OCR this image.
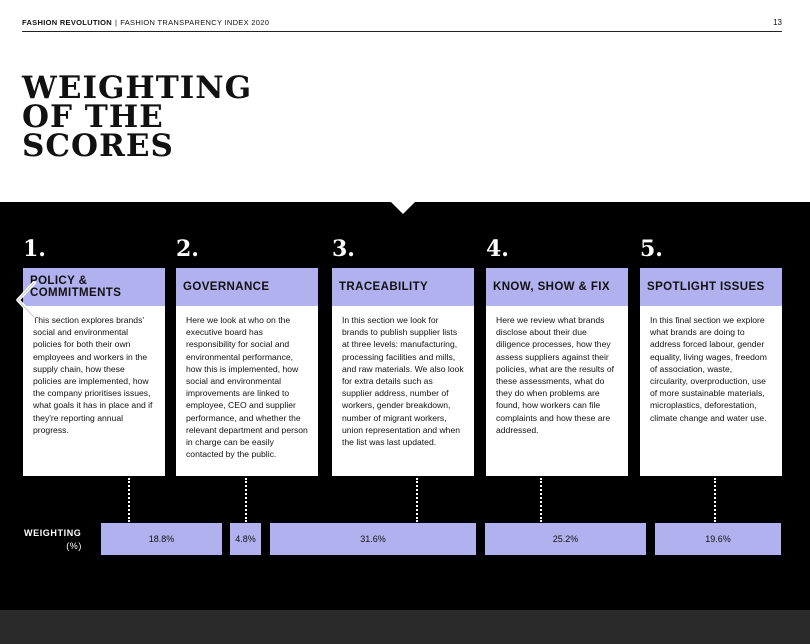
FASHION REVOLUTION | FASHION TRANSPARENCY INDEX 2020	13
WEIGHTING
OF THE
SCORES
1.
POLICY & COMMITMENTS
This section explores brands' social and environmental policies for both their own employees and workers in the supply chain, how these policies are implemented, how the company prioritises issues, what goals it has in place and if they're reporting annual progress.
2.
GOVERNANCE
Here we look at who on the executive board has responsibility for social and environmental performance, how this is implemented, how social and environmental improvements are linked to employee, CEO and supplier performance, and whether the relevant department and person in charge can be easily contacted by the public.
3.
TRACEABILITY
In this section we look for brands to publish supplier lists at three levels: manufacturing, processing facilities and mills, and raw materials. We also look for extra details such as supplier address, number of workers, gender breakdown, number of migrant workers, union representation and when the list was last updated.
4.
KNOW, SHOW & FIX
Here we review what brands disclose about their due diligence processes, how they assess suppliers against their policies, what are the results of these assessments, what do they do when problems are found, how workers can file complaints and how these are addressed.
5.
SPOTLIGHT ISSUES
In this final section we explore what brands are doing to address forced labour, gender equality, living wages, freedom of association, waste, circularity, overproduction, use of more sustainable materials, microplastics, deforestation, climate change and water use.
WEIGHTING
(%)
18.8%	4.8%	31.6%	25.2%	19.6%
